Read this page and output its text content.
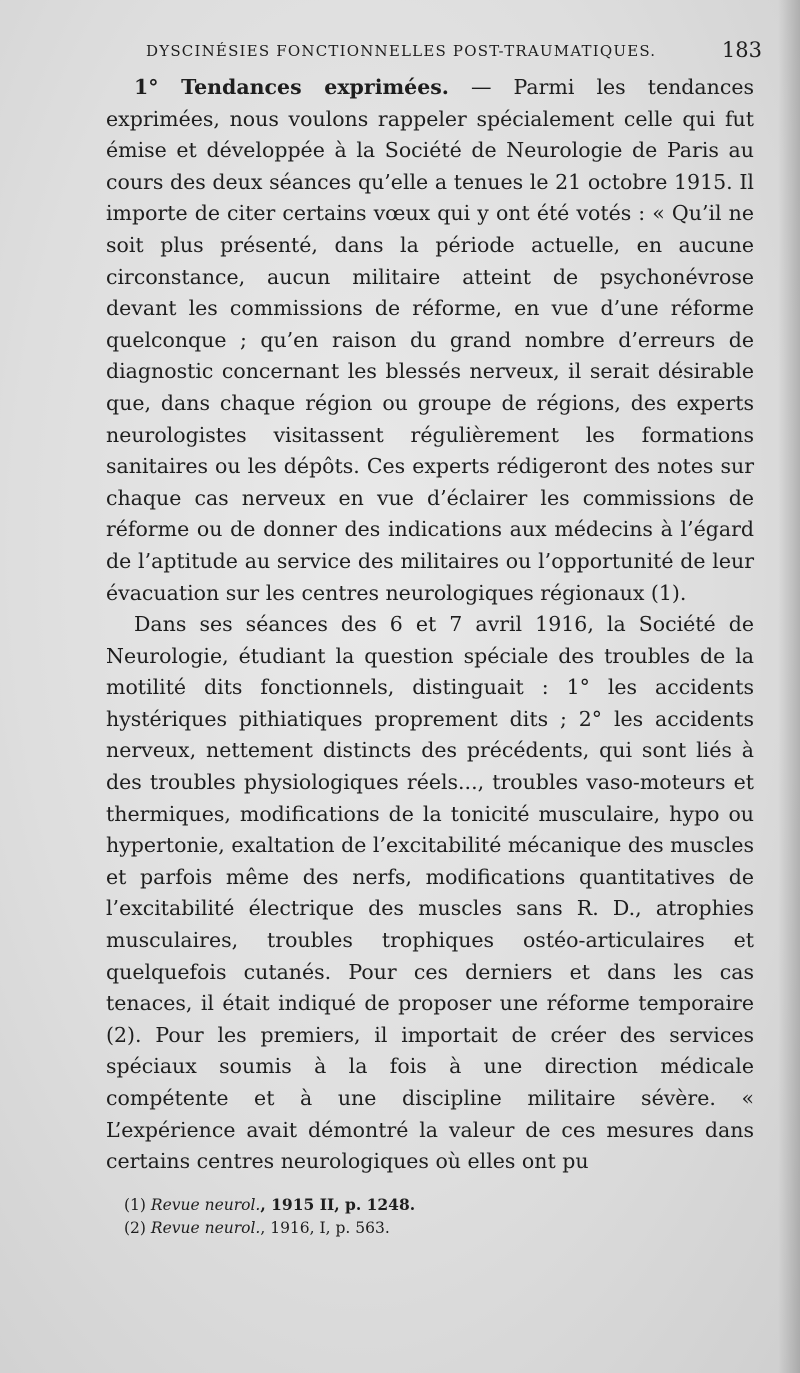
DYSCINÉSIES FONCTIONNELLES POST-TRAUMATIQUES.	183

1° Tendances exprimées. — Parmi les tendances exprimées, nous voulons rappeler spécialement celle qui fut émise et développée à la Société de Neurologie de Paris au cours des deux séances qu’elle a tenues le 21 octobre 1915. Il importe de citer certains vœux qui y ont été votés : « Qu’il ne soit plus présenté, dans la période actuelle, en aucune circonstance, aucun militaire atteint de psychonévrose devant les commissions de réforme, en vue d’une réforme quelconque ; qu’en raison du grand nombre d’erreurs de diagnostic concernant les blessés nerveux, il serait désirable que, dans chaque région ou groupe de régions, des experts neurologistes visitassent régulièrement les formations sanitaires ou les dépôts. Ces experts rédigeront des notes sur chaque cas nerveux en vue d’éclairer les commissions de réforme ou de donner des indications aux médecins à l’égard de l’aptitude au service des militaires ou l’opportunité de leur évacuation sur les centres neurologiques régionaux (1).

Dans ses séances des 6 et 7 avril 1916, la Société de Neurologie, étudiant la question spéciale des troubles de la motilité dits fonctionnels, distinguait : 1° les accidents hystériques pithiatiques proprement dits ; 2° les accidents nerveux, nettement distincts des précédents, qui sont liés à des troubles physiologiques réels..., troubles vaso-moteurs et thermiques, modifications de la tonicité musculaire, hypo ou hypertonie, exaltation de l’excitabilité mécanique des muscles et parfois même des nerfs, modifications quantitatives de l’excitabilité électrique des muscles sans R. D., atrophies musculaires, troubles trophiques ostéo-articulaires et quelquefois cutanés. Pour ces derniers et dans les cas tenaces, il était indiqué de proposer une réforme temporaire (2). Pour les premiers, il importait de créer des services spéciaux soumis à la fois à une direction médicale compétente et à une discipline militaire sévère. « L’expérience avait démontré la valeur de ces mesures dans certains centres neurologiques où elles ont pu

(1) Revue neurol., 1915 II, p. 1248.
(2) Revue neurol., 1916, I, p. 563.
